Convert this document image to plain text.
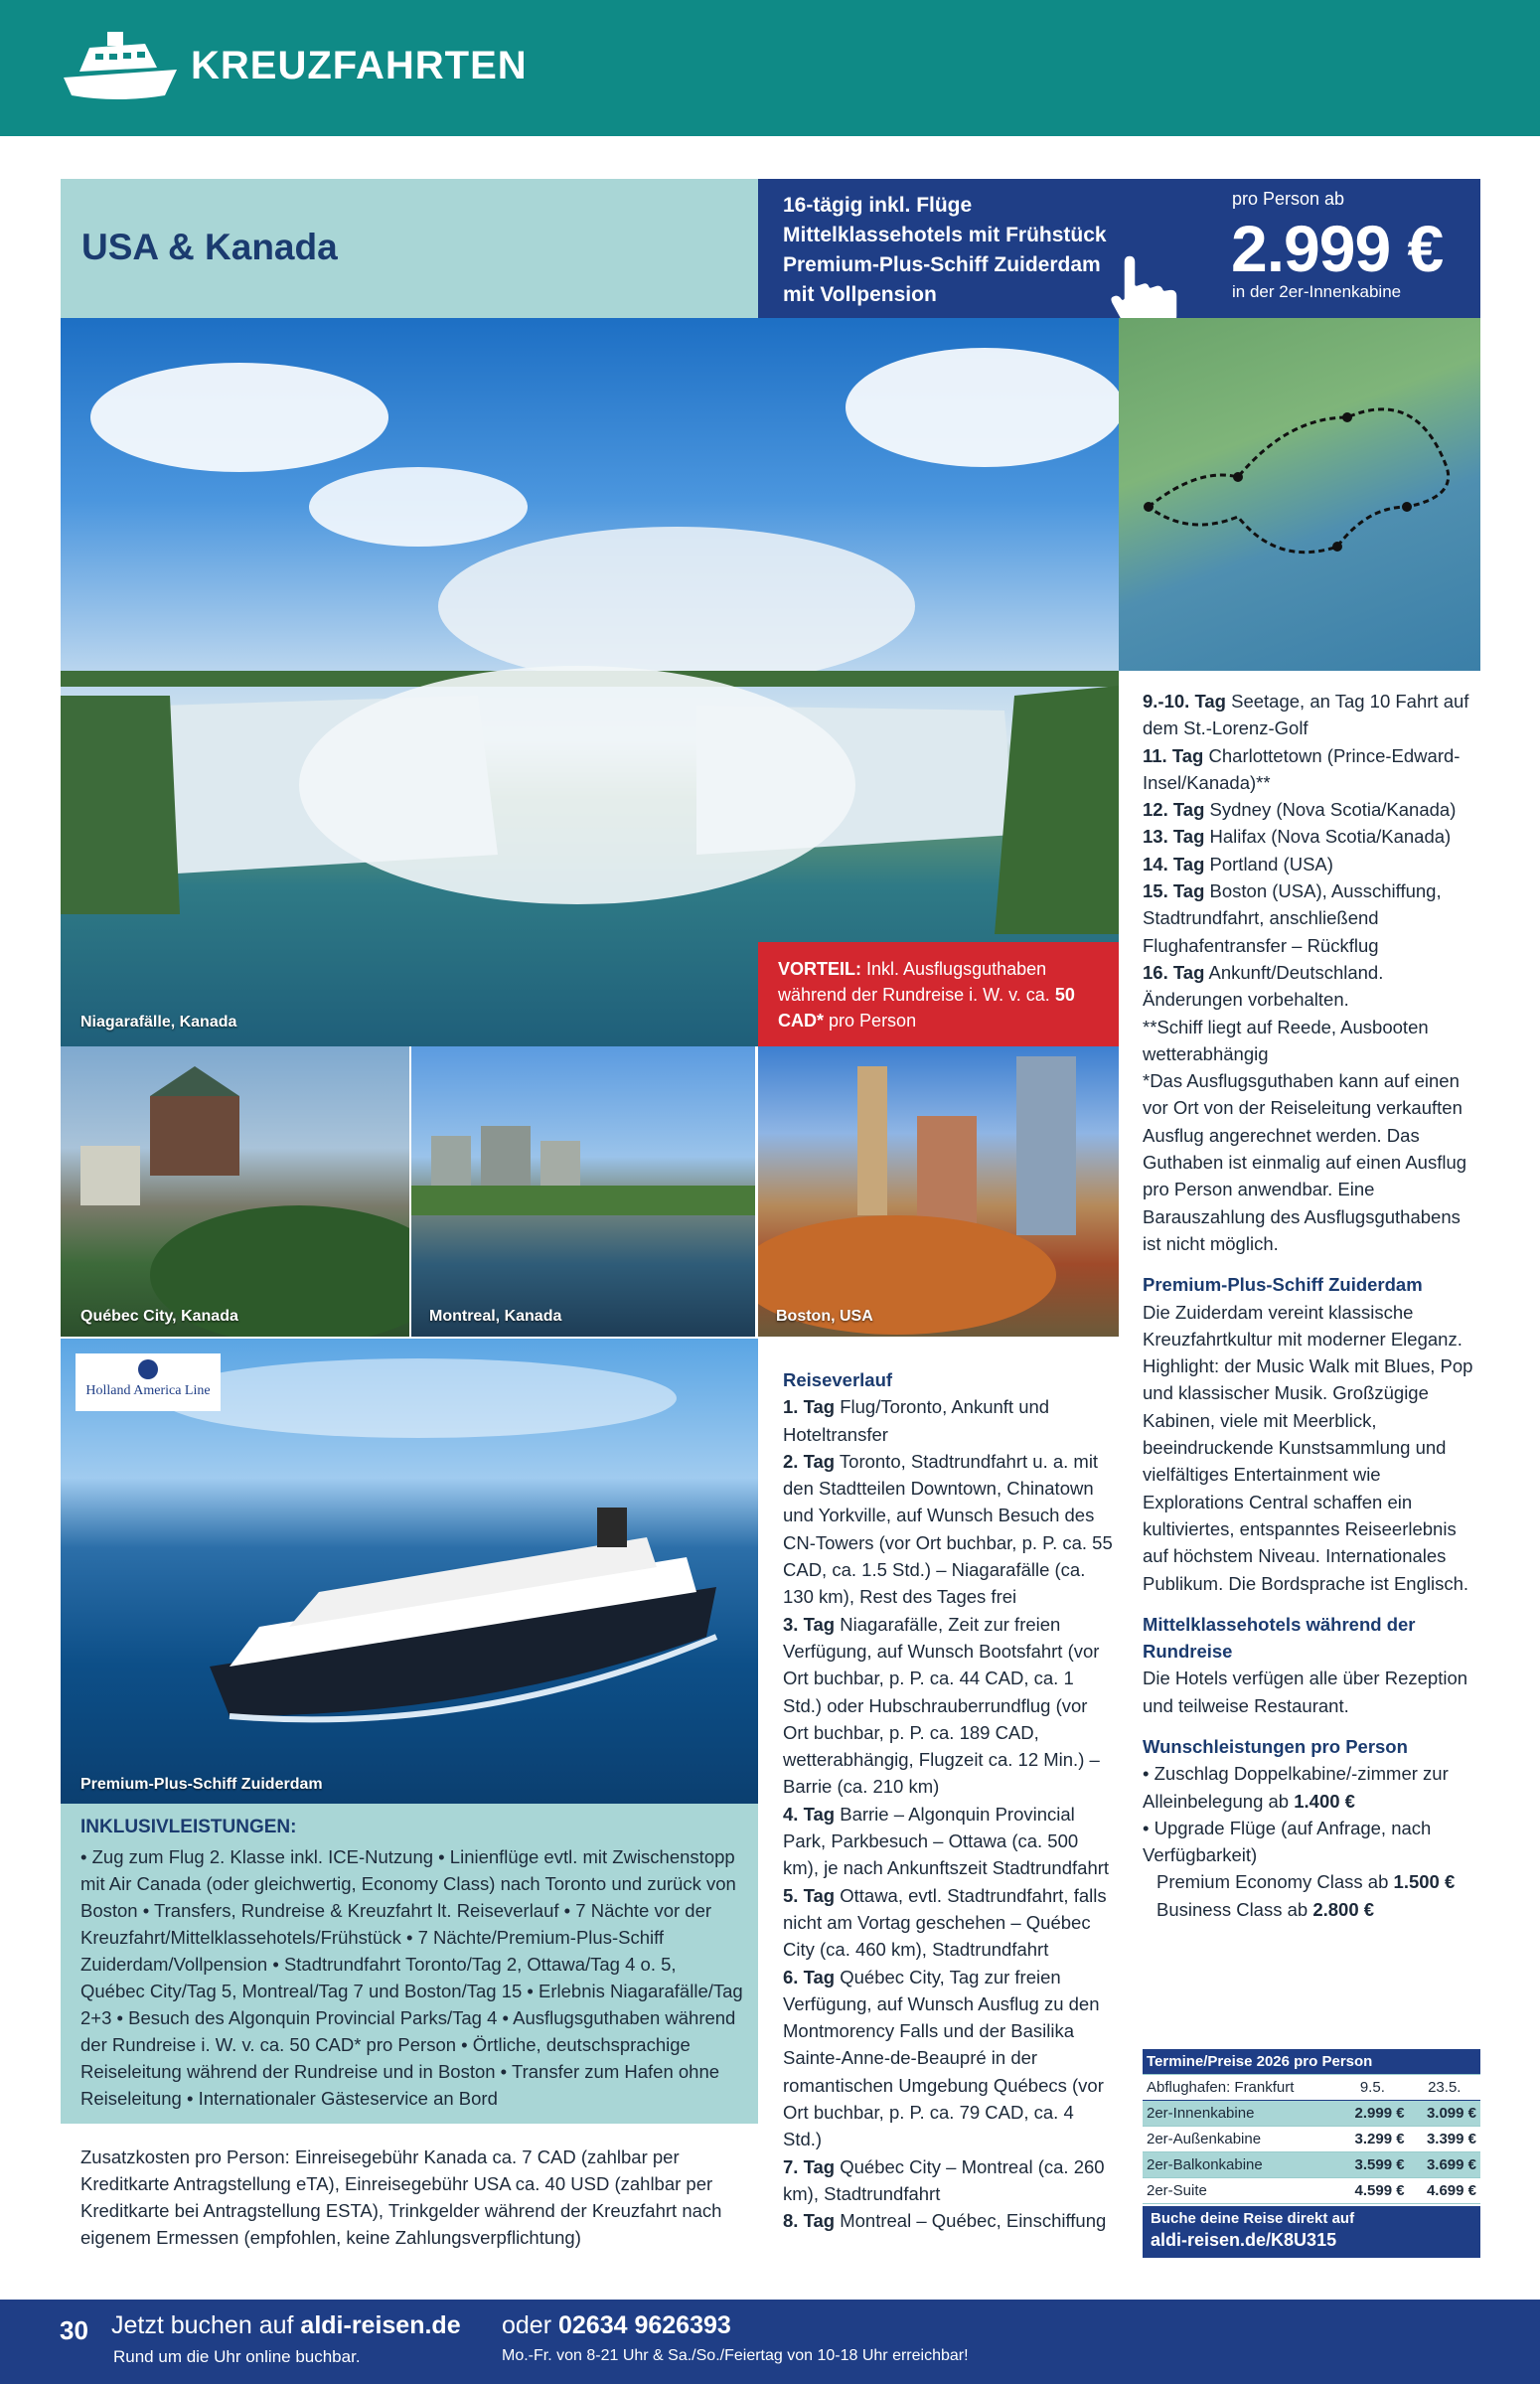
KREUZFAHRTEN
USA & Kanada
16-tägig inkl. Flüge
Mittelklassehotels mit Frühstück
Premium-Plus-Schiff Zuiderdam
mit Vollpension
pro Person ab
2.999 €
in der 2er-Innenkabine
Niagarafälle, Kanada
VORTEIL: Inkl. Ausflugsguthaben während der Rundreise i. W. v. ca. 50 CAD* pro Person
Québec City, Kanada	Montreal, Kanada	Boston, USA
Premium-Plus-Schiff Zuiderdam
Holland America Line
INKLUSIVLEISTUNGEN:
• Zug zum Flug 2. Klasse inkl. ICE-Nutzung • Linienflüge evtl. mit Zwischenstopp mit Air Canada (oder gleichwertig, Economy Class) nach Toronto und zurück von Boston • Transfers, Rundreise & Kreuzfahrt lt. Reiseverlauf • 7 Nächte vor der Kreuzfahrt/Mittelklassehotels/Frühstück • 7 Nächte/Premium-Plus-Schiff Zuiderdam/Vollpension • Stadtrundfahrt Toronto/Tag 2, Ottawa/Tag 4 o. 5, Québec City/Tag 5, Montreal/Tag 7 und Boston/Tag 15 • Erlebnis Niagarafälle/Tag 2+3 • Besuch des Algonquin Provincial Parks/Tag 4 • Ausflugsguthaben während der Rundreise i. W. v. ca. 50 CAD* pro Person • Örtliche, deutschsprachige Reiseleitung während der Rundreise und in Boston • Transfer zum Hafen ohne Reiseleitung • Internationaler Gästeservice an Bord
Zusatzkosten pro Person: Einreisegebühr Kanada ca. 7 CAD (zahlbar per Kreditkarte Antragstellung eTA), Einreisegebühr USA ca. 40 USD (zahlbar per Kreditkarte bei Antragstellung ESTA), Trinkgelder während der Kreuzfahrt nach eigenem Ermessen (empfohlen, keine Zahlungsverpflichtung)

Reiseverlauf

1. Tag Flug/Toronto, Ankunft und Hoteltransfer

2. Tag Toronto, Stadtrundfahrt u. a. mit den Stadtteilen Downtown, Chinatown und Yorkville, auf Wunsch Besuch des CN-Towers (vor Ort buchbar, p. P. ca. 55 CAD, ca. 1.5 Std.) – Niagarafälle (ca. 130 km), Rest des Tages frei

3. Tag Niagarafälle, Zeit zur freien Verfügung, auf Wunsch Bootsfahrt (vor Ort buchbar, p. P. ca. 44 CAD, ca. 1 Std.) oder Hubschrauberrundflug (vor Ort buchbar, p. P. ca. 189 CAD, wetterabhängig, Flugzeit ca. 12 Min.) – Barrie (ca. 210 km)

4. Tag Barrie – Algonquin Provincial Park, Parkbesuch – Ottawa (ca. 500 km), je nach Ankunftszeit Stadtrundfahrt

5. Tag Ottawa, evtl. Stadtrundfahrt, falls nicht am Vortag geschehen – Québec City (ca. 460 km), Stadtrundfahrt

6. Tag Québec City, Tag zur freien Verfügung, auf Wunsch Ausflug zu den Montmorency Falls und der Basilika Sainte-Anne-de-Beaupré in der romantischen Umgebung Québecs (vor Ort buchbar, p. P. ca. 79 CAD, ca. 4 Std.)

7. Tag Québec City – Montreal (ca. 260 km), Stadtrundfahrt

8. Tag Montreal – Québec, Einschiffung

9.-10. Tag Seetage, an Tag 10 Fahrt auf dem St.-Lorenz-Golf

11. Tag Charlottetown (Prince-Edward-Insel/Kanada)**

12. Tag Sydney (Nova Scotia/Kanada)

13. Tag Halifax (Nova Scotia/Kanada)

14. Tag Portland (USA)

15. Tag Boston (USA), Ausschiffung, Stadtrundfahrt, anschließend Flughafentransfer – Rückflug

16. Tag Ankunft/Deutschland.

Änderungen vorbehalten.

**Schiff liegt auf Reede, Ausbooten wetterabhängig

*Das Ausflugsguthaben kann auf einen vor Ort von der Reiseleitung verkauften Ausflug angerechnet werden. Das Guthaben ist einmalig auf einen Ausflug pro Person anwendbar. Eine Barauszahlung des Ausflugsguthabens ist nicht möglich.

Premium-Plus-Schiff Zuiderdam

Die Zuiderdam vereint klassische Kreuzfahrtkultur mit moderner Eleganz. Highlight: der Music Walk mit Blues, Pop und klassischer Musik. Großzügige Kabinen, viele mit Meerblick, beeindruckende Kunstsammlung und vielfältiges Entertainment wie Explorations Central schaffen ein kultiviertes, entspanntes Reiseerlebnis auf höchstem Niveau. Internationales Publikum. Die Bordsprache ist Englisch.

Mittelklassehotels während der Rundreise

Die Hotels verfügen alle über Rezeption und teilweise Restaurant.

Wunschleistungen pro Person

• Zuschlag Doppelkabine/-zimmer zur Alleinbelegung ab 1.400 €

• Upgrade Flüge (auf Anfrage, nach Verfügbarkeit)

Premium Economy Class ab 1.500 €

Business Class ab 2.800 €

Termine/Preise 2026 pro Person		
Abflughafen: Frankfurt	9.5.	23.5.
2er-Innenkabine	2.999 €	3.099 €
2er-Außenkabine	3.299 €	3.399 €
2er-Balkonkabine	3.599 €	3.699 €
2er-Suite	4.599 €	4.699 €
Buche deine Reise direkt auf
aldi-reisen.de/K8U315
30 Jetzt buchen auf aldi-reisen.de
Rund um die Uhr online buchbar.
oder 02634 9626393
Mo.-Fr. von 8-21 Uhr & Sa./So./Feiertag von 10-18 Uhr erreichbar!
